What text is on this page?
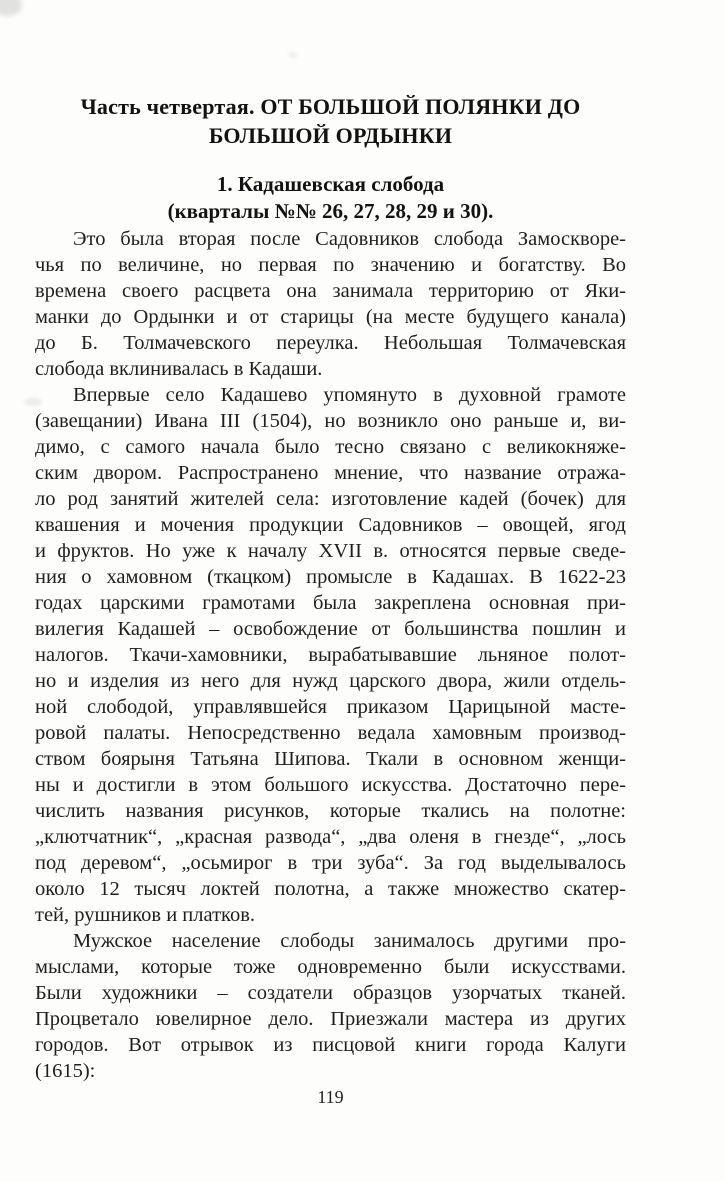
Часть четвертая. ОТ БОЛЬШОЙ ПОЛЯНКИ ДО
БОЛЬШОЙ ОРДЫНКИ
1. Кадашевская слобода
(кварталы №№ 26, 27, 28, 29 и 30).

Это была вторая после Садовников слобода Замоскворе-
чья по величине, но первая по значению и богатству. Во
времена своего расцвета она занимала территорию от Яки-
манки до Ордынки и от старицы (на месте будущего канала)
до Б. Толмачевского переулка. Небольшая Толмачевская
слобода вклинивалась в Кадаши.

Впервые село Кадашево упомянуто в духовной грамоте
(завещании) Ивана III (1504), но возникло оно раньше и, ви-
димо, с самого начала было тесно связано с великокняже-
ским двором. Распространено мнение, что название отража-
ло род занятий жителей села: изготовление кадей (бочек) для
квашения и мочения продукции Садовников – овощей, ягод
и фруктов. Но уже к началу XVII в. относятся первые сведе-
ния о хамовном (ткацком) промысле в Кадашах. В 1622-23
годах царскими грамотами была закреплена основная при-
вилегия Кадашей – освобождение от большинства пошлин и
налогов. Ткачи-хамовники, вырабатывавшие льняное полот-
но и изделия из него для нужд царского двора, жили отдель-
ной слободой, управлявшейся приказом Царицыной масте-
ровой палаты. Непосредственно ведала хамовным производ-
ством боярыня Татьяна Шипова. Ткали в основном женщи-
ны и достигли в этом большого искусства. Достаточно пере-
числить названия рисунков, которые ткались на полотне:
„клютчатник“, „красная развода“, „два оленя в гнезде“, „лось
под деревом“, „осьмирог в три зуба“. За год выделывалось
около 12 тысяч локтей полотна, а также множество скатер-
тей, рушников и платков.

Мужское население слободы занималось другими про-
мыслами, которые тоже одновременно были искусствами.
Были художники – создатели образцов узорчатых тканей.
Процветало ювелирное дело. Приезжали мастера из других
городов. Вот отрывок из писцовой книги города Калуги
(1615):

119
